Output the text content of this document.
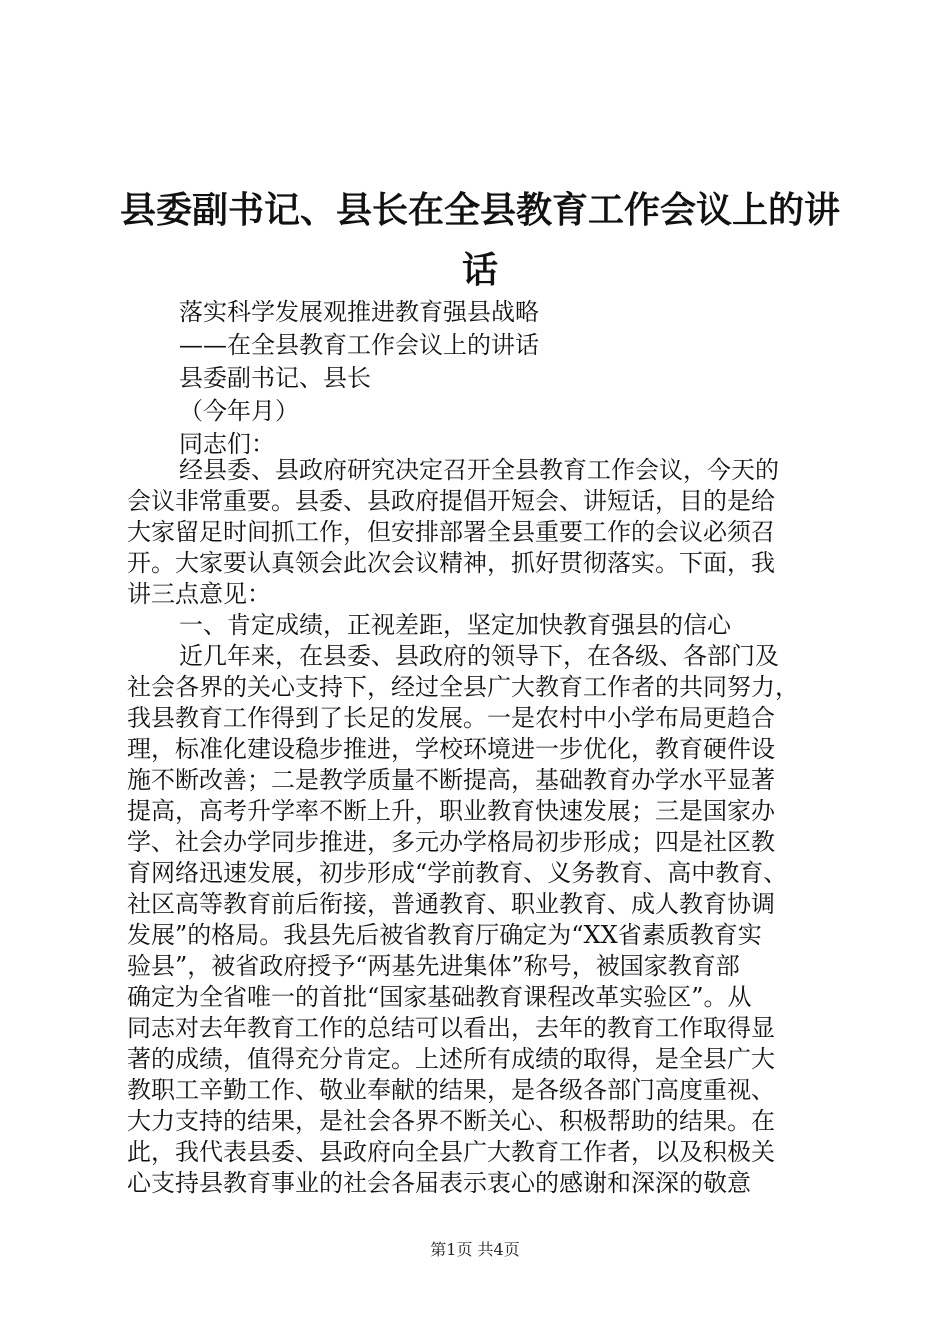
县委副书记、县长在全县教育工作会议上的讲
话

落实科学发展观推进教育强县战略

——在全县教育工作会议上的讲话

县委副书记、县长

（今年月）

同志们：

经县委、县政府研究决定召开全县教育工作会议，今天的

会议非常重要。县委、县政府提倡开短会、讲短话，目的是给

大家留足时间抓工作，但安排部署全县重要工作的会议必须召

开。大家要认真领会此次会议精神，抓好贯彻落实。下面，我

讲三点意见：

一、肯定成绩，正视差距，坚定加快教育强县的信心

近几年来，在县委、县政府的领导下，在各级、各部门及

社会各界的关心支持下，经过全县广大教育工作者的共同努力，

我县教育工作得到了长足的发展。一是农村中小学布局更趋合

理，标准化建设稳步推进，学校环境进一步优化，教育硬件设

施不断改善；二是教学质量不断提高，基础教育办学水平显著

提高，高考升学率不断上升，职业教育快速发展；三是国家办

学、社会办学同步推进，多元办学格局初步形成；四是社区教

育网络迅速发展，初步形成“学前教育、义务教育、高中教育、

社区高等教育前后衔接，普通教育、职业教育、成人教育协调

发展”的格局。我县先后被省教育厅确定为“XX省素质教育实

验县”，被省政府授予“两基先进集体”称号，被国家教育部

确定为全省唯一的首批“国家基础教育课程改革实验区”。从

同志对去年教育工作的总结可以看出，去年的教育工作取得显

著的成绩，值得充分肯定。上述所有成绩的取得，是全县广大

教职工辛勤工作、敬业奉献的结果，是各级各部门高度重视、

大力支持的结果，是社会各界不断关心、积极帮助的结果。在

此，我代表县委、县政府向全县广大教育工作者，以及积极关

心支持县教育事业的社会各届表示衷心的感谢和深深的敬意

第1页 共4页
